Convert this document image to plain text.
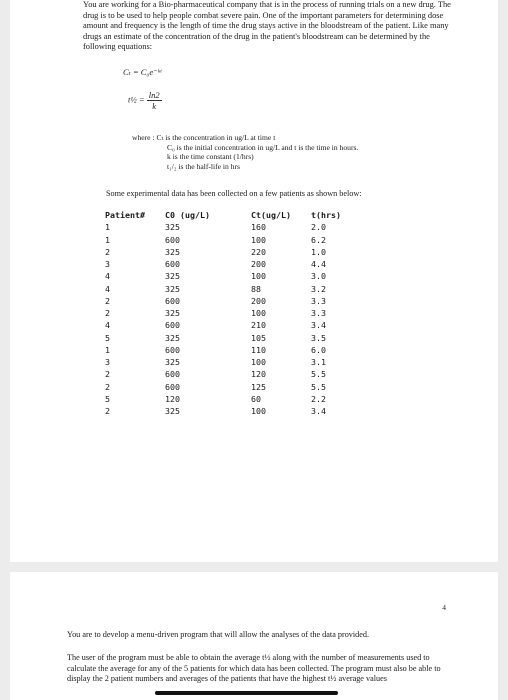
You are working for a Bio-pharmaceutical company that is in the process of running trials on a new drug. The drug is to be used to help people combat severe pain. One of the important parameters for determining dose amount and frequency is the length of time the drug stays active in the bloodstream of the patient. Like many drugs an estimate of the concentration of the drug in the patient's bloodstream can be determined by the following equations:
Cₜ = C₀e⁻ᵏᵗ
t½ = $\frac{\ln 2}{k}$
where : Cₜ is the concentration in ug/L at time t
C₀ is the initial concentration in ug/L and t is the time in hours.
k is the time constant (1/hrs)
t₁/₂ is the half-life in hrs
Some experimental data has been collected on a few patients as shown below:
Patient#	C0 (ug/L)	Ct(ug/L)	t(hrs)
1	325	160	2.0
1	600	100	6.2
2	325	220	1.0
3	600	200	4.4
4	325	100	3.0
4	325	88	3.2
2	600	200	3.3
2	325	100	3.3
4	600	210	3.4
5	325	105	3.5
1	600	110	6.0
3	325	100	3.1
2	600	120	5.5
2	600	125	5.5
5	120	60	2.2
2	325	100	3.4
4
You are to develop a menu-driven program that will allow the analyses of the data provided.
The user of the program must be able to obtain the average t½ along with the number of measurements used to calculate the average for any of the 5 patients for which data has been collected. The program must also be able to display the 2 patient numbers and averages of the patients that have the highest t½ average values
